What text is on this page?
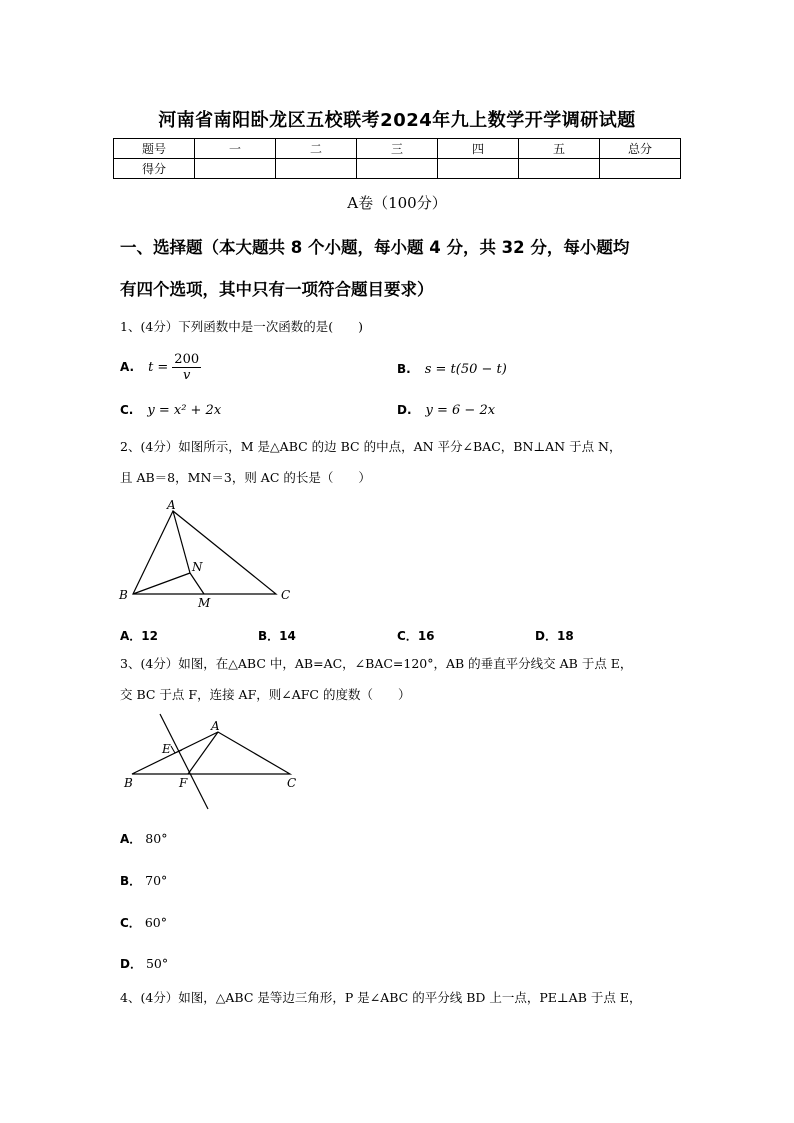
河南省南阳卧龙区五校联考2024年九上数学开学调研试题
题号	一	二	三	四	五	总分
得分						
A卷（100分）
一、选择题（本大题共 8 个小题，每小题 4 分，共 32 分，每小题均
有四个选项，其中只有一项符合题目要求）
1、(4分）下列函数中是一次函数的是(　　)
A. $t = \frac{200}{v}$	B. s = t(50 − t)
C. y = x² + 2x	D. y = 6 − 2x
2、(4分）如图所示，M 是△ABC 的边 BC 的中点，AN 平分∠BAC，BN⊥AN 于点 N，
且 AB＝8，MN＝3，则 AC 的长是（　　）
A
B	C
N
M
A．12	B．14	C．16	D．18
3、(4分）如图，在△ABC 中，AB=AC，∠BAC=120°，AB 的垂直平分线交 AB 于点 E，
交 BC 于点 F，连接 AF，则∠AFC 的度数（　　）
A
E
B	F	C
A． 80°
B． 70°
C． 60°
D． 50°
4、(4分）如图，△ABC 是等边三角形，P 是∠ABC 的平分线 BD 上一点，PE⊥AB 于点 E，
